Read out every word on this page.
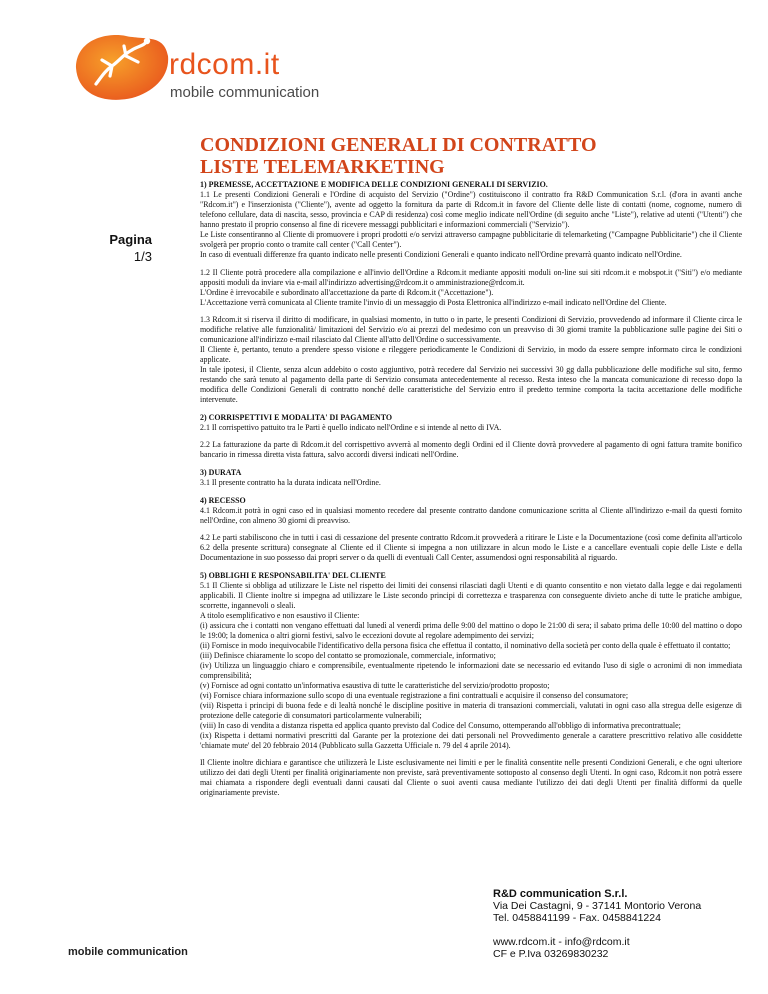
rdcom.it
mobile communication
CONDIZIONI GENERALI DI CONTRATTO
LISTE TELEMARKETING
Pagina
1/3

1) PREMESSE, ACCETTAZIONE E MODIFICA DELLE CONDIZIONI GENERALI DI SERVIZIO.
1.1 Le presenti Condizioni Generali e l'Ordine di acquisto del Servizio ("Ordine") costituiscono il contratto fra R&D Communication S.r.l. (d'ora in avanti anche "Rdcom.it") e l'inserzionista ("Cliente"), avente ad oggetto la fornitura da parte di Rdcom.it in favore del Cliente delle liste di contatti (nome, cognome, numero di telefono cellulare, data di nascita, sesso, provincia e CAP di residenza) così come meglio indicate nell'Ordine (di seguito anche "Liste"), relative ad utenti ("Utenti") che hanno prestato il proprio consenso al fine di ricevere messaggi pubblicitari e informazioni commerciali ("Servizio").
Le Liste consentiranno al Cliente di promuovere i propri prodotti e/o servizi attraverso campagne pubblicitarie di telemarketing ("Campagne Pubblicitarie") che il Cliente svolgerà per proprio conto o tramite call center ("Call Center").
In caso di eventuali differenze fra quanto indicato nelle presenti Condizioni Generali e quanto indicato nell'Ordine prevarrà quanto indicato nell'Ordine.

1.2 Il Cliente potrà procedere alla compilazione e all'invio dell'Ordine a Rdcom.it mediante appositi moduli on-line sui siti rdcom.it e mobspot.it ("Siti") e/o mediante appositi moduli da inviare via e-mail all'indirizzo advertising@rdcom.it o amministrazione@rdcom.it.
L'Ordine è irrevocabile e subordinato all'accettazione da parte di Rdcom.it ("Accettazione").
L'Accettazione verrà comunicata al Cliente tramite l'invio di un messaggio di Posta Elettronica all'indirizzo e-mail indicato nell'Ordine del Cliente.

1.3 Rdcom.it si riserva il diritto di modificare, in qualsiasi momento, in tutto o in parte, le presenti Condizioni di Servizio, provvedendo ad informare il Cliente circa le modifiche relative alle funzionalità/ limitazioni del Servizio e/o ai prezzi del medesimo con un preavviso di 30 giorni tramite la pubblicazione sulle pagine dei Siti o comunicazione all'indirizzo e-mail rilasciato dal Cliente all'atto dell'Ordine o successivamente.
Il Cliente è, pertanto, tenuto a prendere spesso visione e rileggere periodicamente le Condizioni di Servizio, in modo da essere sempre informato circa le condizioni applicate.
In tale ipotesi, il Cliente, senza alcun addebito o costo aggiuntivo, potrà recedere dal Servizio nei successivi 30 gg dalla pubblicazione delle modifiche sul sito, fermo restando che sarà tenuto al pagamento della parte di Servizio consumata antecedentemente al recesso. Resta inteso che la mancata comunicazione di recesso dopo la modifica delle Condizioni Generali di contratto nonché delle caratteristiche del Servizio entro il predetto termine comporta la tacita accettazione delle modifiche intervenute.

2) CORRISPETTIVI E MODALITA' DI PAGAMENTO
2.1 Il corrispettivo pattuito tra le Parti è quello indicato nell'Ordine e si intende al netto di IVA.

2.2 La fatturazione da parte di Rdcom.it del corrispettivo avverrà al momento degli Ordini ed il Cliente dovrà provvedere al pagamento di ogni fattura tramite bonifico bancario in rimessa diretta vista fattura, salvo accordi diversi indicati nell'Ordine.

3) DURATA
3.1 Il presente contratto ha la durata indicata nell'Ordine.

4) RECESSO
4.1 Rdcom.it potrà in ogni caso ed in qualsiasi momento recedere dal presente contratto dandone comunicazione scritta al Cliente all'indirizzo e-mail da questi fornito nell'Ordine, con almeno 30 giorni di preavviso.

4.2 Le parti stabiliscono che in tutti i casi di cessazione del presente contratto Rdcom.it provvederà a ritirare le Liste e la Documentazione (così come definita all'articolo 6.2 della presente scrittura) consegnate al Cliente ed il Cliente si impegna a non utilizzare in alcun modo le Liste e a cancellare eventuali copie delle Liste e della Documentazione in suo possesso dai propri server o da quelli di eventuali Call Center, assumendosi ogni responsabilità al riguardo.

5) OBBLIGHI E RESPONSABILITA' DEL CLIENTE
5.1 Il Cliente si obbliga ad utilizzare le Liste nel rispetto dei limiti dei consensi rilasciati dagli Utenti e di quanto consentito e non vietato dalla legge e dai regolamenti applicabili. Il Cliente inoltre si impegna ad utilizzare le Liste secondo principi di correttezza e trasparenza con conseguente divieto anche di tutte le pratiche ambigue, scorrette, ingannevoli o sleali.
A titolo esemplificativo e non esaustivo il Cliente:
(i) assicura che i contatti non vengano effettuati dal lunedì al venerdì prima delle 9:00 del mattino o dopo le 21:00 di sera; il sabato prima delle 10:00 del mattino o dopo le 19:00; la domenica o altri giorni festivi, salvo le eccezioni dovute al regolare adempimento dei servizi;
(ii) Fornisce in modo inequivocabile l'identificativo della persona fisica che effettua il contatto, il nominativo della società per conto della quale è effettuato il contatto;
(iii) Definisce chiaramente lo scopo del contatto se promozionale, commerciale, informativo;
(iv) Utilizza un linguaggio chiaro e comprensibile, eventualmente ripetendo le informazioni date se necessario ed evitando l'uso di sigle o acronimi di non immediata comprensibilità;
(v) Fornisce ad ogni contatto un'informativa esaustiva di tutte le caratteristiche del servizio/prodotto proposto;
(vi) Fornisce chiara informazione sullo scopo di una eventuale registrazione a fini contrattuali e acquisire il consenso del consumatore;
(vii) Rispetta i principi di buona fede e di lealtà nonché le discipline positive in materia di transazioni commerciali, valutati in ogni caso alla stregua delle esigenze di protezione delle categorie di consumatori particolarmente vulnerabili;
(viii) In caso di vendita a distanza rispetta ed applica quanto previsto dal Codice del Consumo, ottemperando all'obbligo di informativa precontrattuale;
(ix) Rispetta i dettami normativi prescritti dal Garante per la protezione dei dati personali nel Provvedimento generale a carattere prescrittivo relativo alle cosiddette 'chiamate mute' del 20 febbraio 2014 (Pubblicato sulla Gazzetta Ufficiale n. 79 del 4 aprile 2014).

Il Cliente inoltre dichiara e garantisce che utilizzerà le Liste esclusivamente nei limiti e per le finalità consentite nelle presenti Condizioni Generali, e che ogni ulteriore utilizzo dei dati degli Utenti per finalità originariamente non previste, sarà preventivamente sottoposto al consenso degli Utenti. In ogni caso, Rdcom.it non potrà essere mai chiamata a rispondere degli eventuali danni causati dal Cliente o suoi aventi causa mediante l'utilizzo dei dati degli Utenti per finalità difformi da quelle originariamente previste.

mobile communication
R&D communication S.r.l.
Via Dei Castagni, 9 - 37141 Montorio Verona
Tel. 0458841199 - Fax. 0458841224
www.rdcom.it - info@rdcom.it
CF e P.Iva 03269830232
